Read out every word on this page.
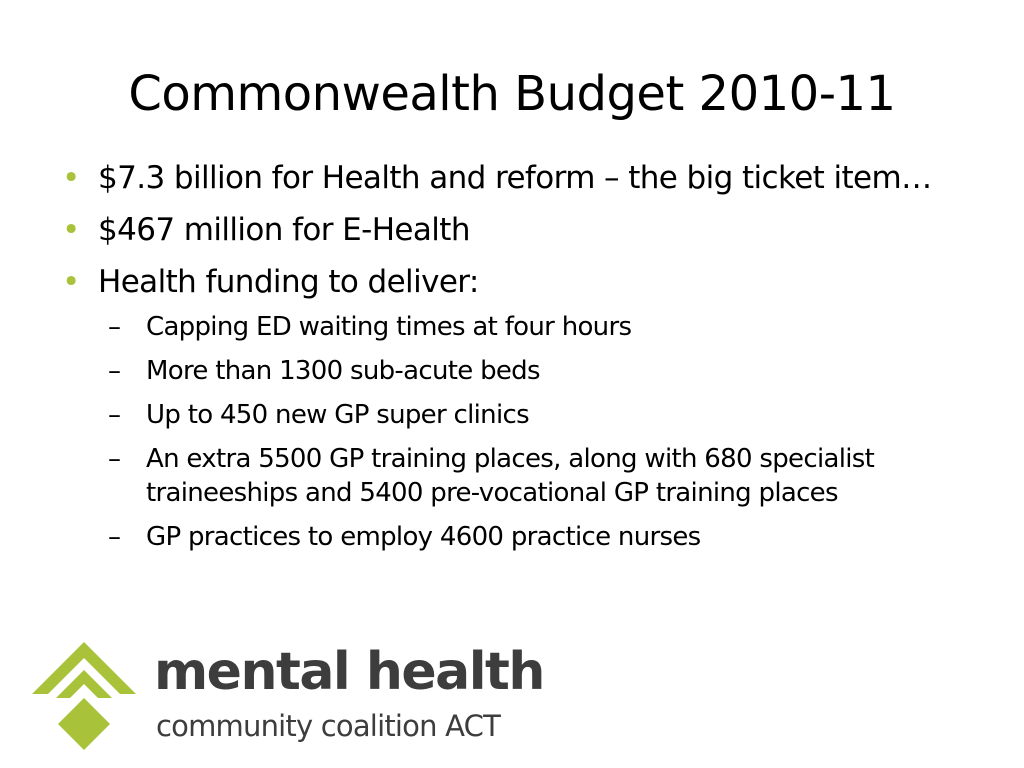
Commonwealth Budget 2010-11
• $7.3 billion for Health and reform – the big ticket item…
• $467 million for E-Health
• Health funding to deliver:
– Capping ED waiting times at four hours
– More than 1300 sub-acute beds
– Up to 450 new GP super clinics
– An extra 5500 GP training places, along with 680 specialist traineeships and 5400 pre-vocational GP training places
– GP practices to employ 4600 practice nurses
mental health
community coalition ACT
